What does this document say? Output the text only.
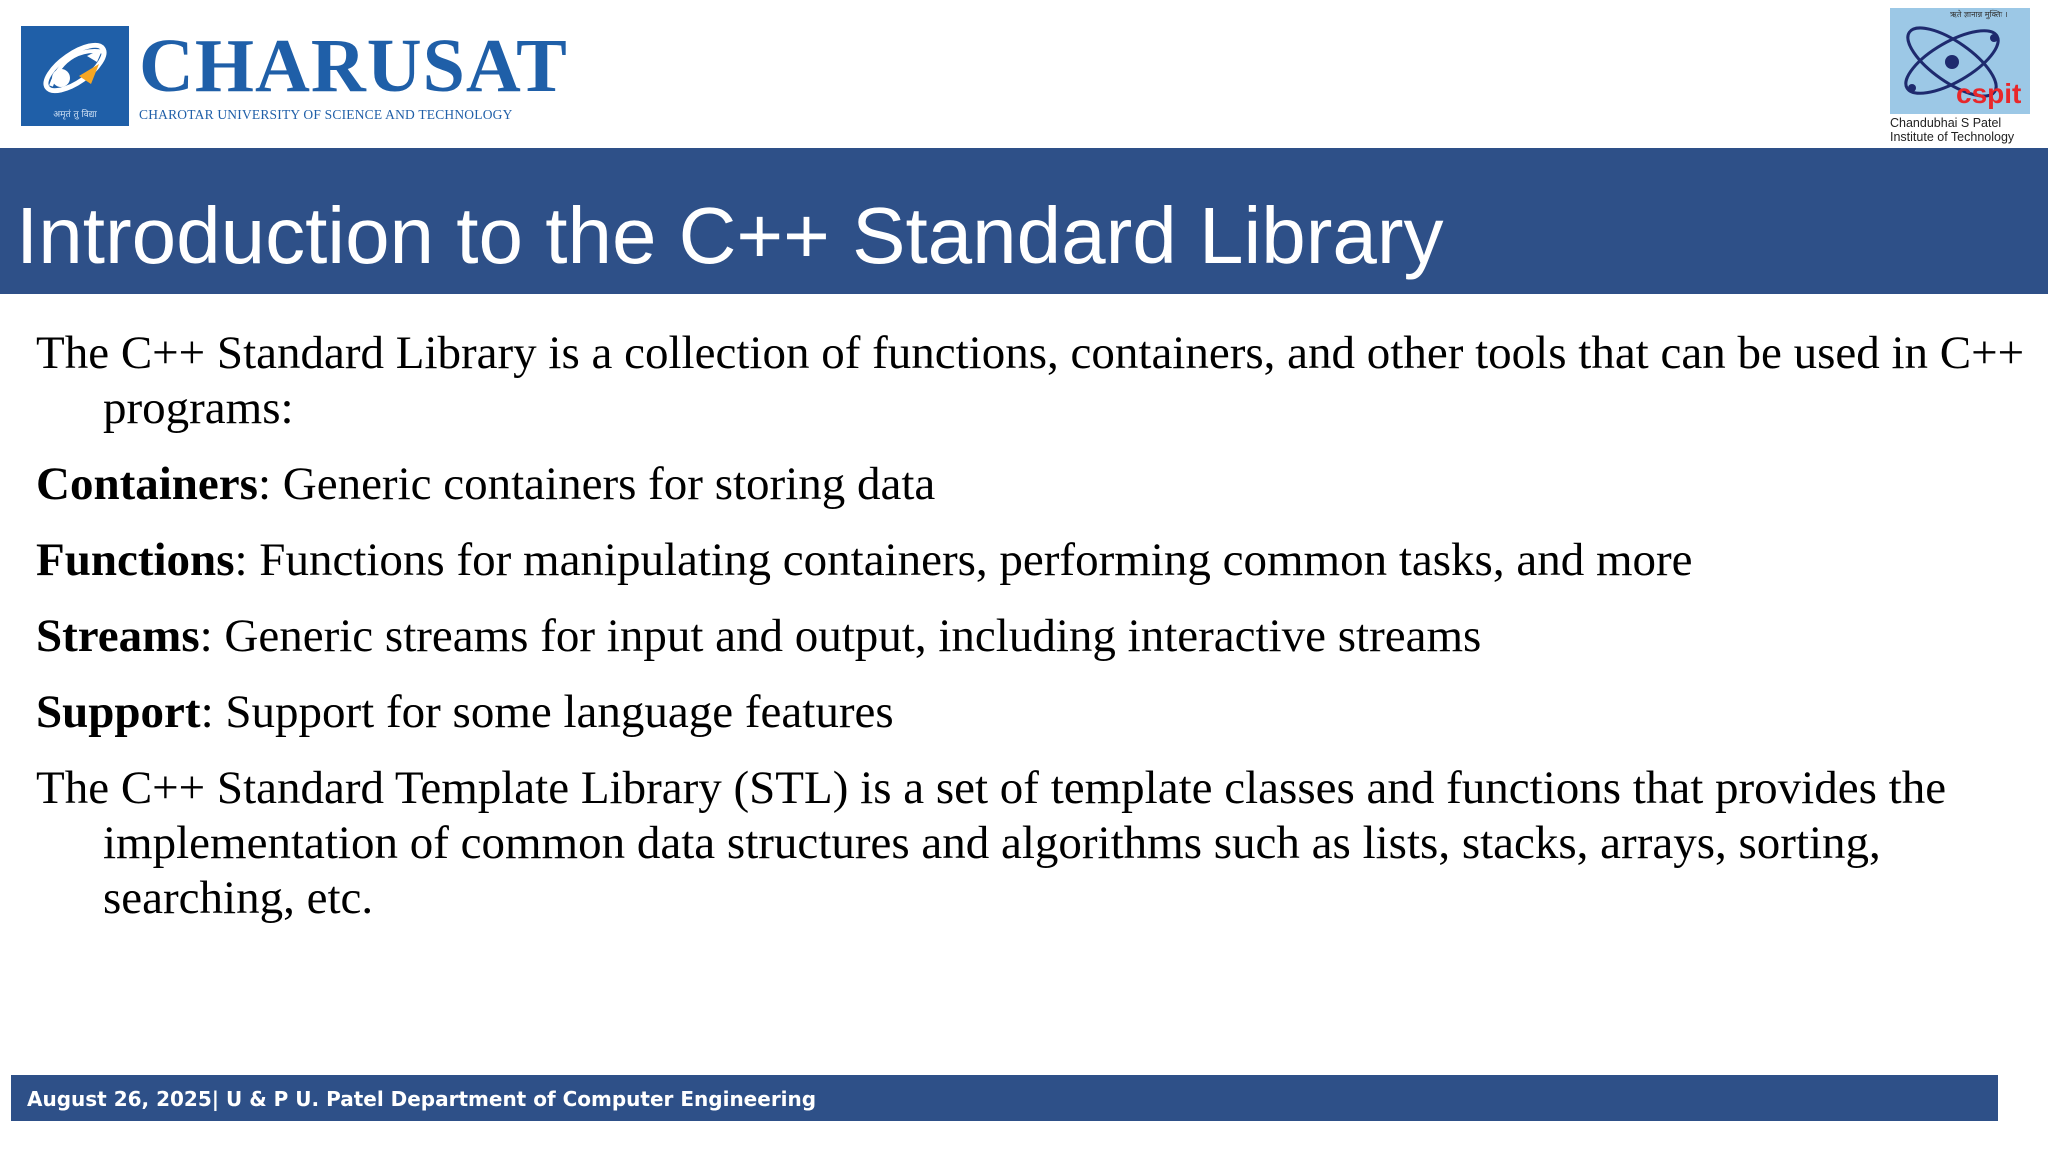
अमृतं तु विद्या
CHARUSAT
CHAROTAR UNIVERSITY OF SCIENCE AND TECHNOLOGY
ऋते ज्ञानान्न मुक्तिः ।
cspit
Chandubhai S Patel
Institute of Technology
Introduction to the C++ Standard Library

The C++ Standard Library is a collection of functions, containers, and other tools that can be used in C++ programs:

Containers: Generic containers for storing data

Functions: Functions for manipulating containers, performing common tasks, and more

Streams: Generic streams for input and output, including interactive streams

Support: Support for some language features

The C++ Standard Template Library (STL) is a set of template classes and functions that provides the implementation of common data structures and algorithms such as lists, stacks, arrays, sorting, searching, etc.

August 26, 2025| U & P U. Patel Department of Computer Engineering
